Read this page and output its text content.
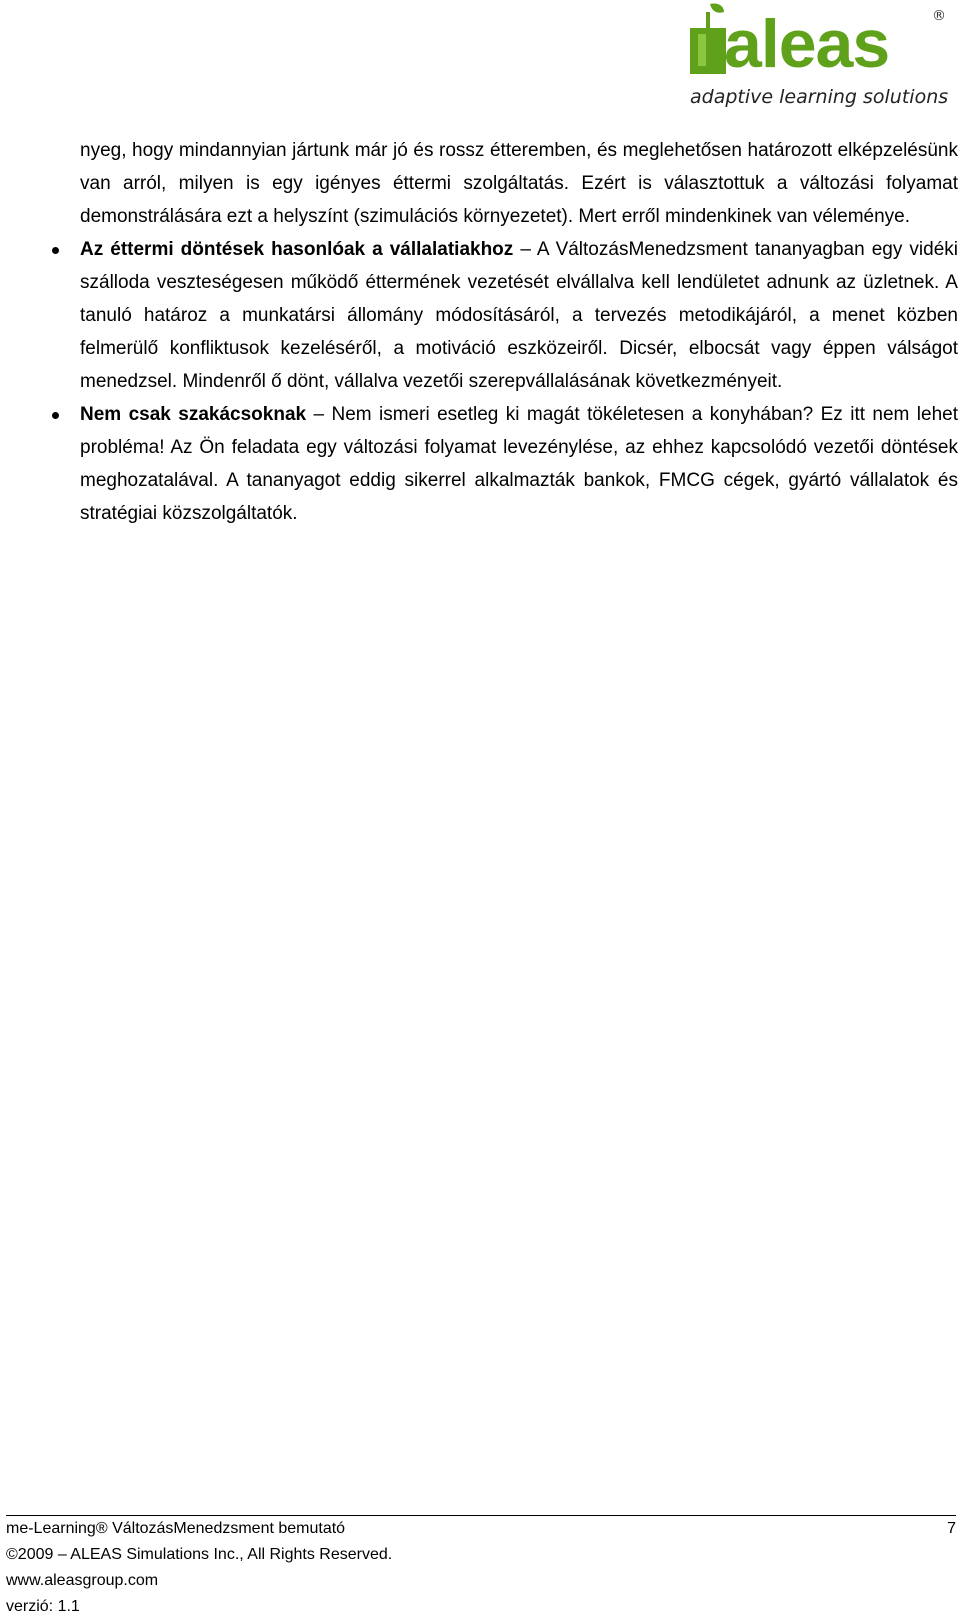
aleas	®
adaptive learning solutions

nyeg, hogy mindannyian jártunk már jó és rossz étteremben, és meglehetősen határozott elképzelésünk van arról, milyen is egy igényes éttermi szolgáltatás. Ezért is választottuk a változási folyamat demonstrálására ezt a helyszínt (szimulációs környezetet). Mert erről mindenkinek van véleménye.

Az éttermi döntések hasonlóak a vállalatiakhoz – A VáltozásMenedzsment tananyagban egy vidéki szálloda veszteségesen működő éttermének vezetését elvállalva kell lendületet adnunk az üzletnek. A tanuló határoz a munkatársi állomány módosításáról, a tervezés metodikájáról, a menet közben felmerülő konfliktusok kezeléséről, a motiváció eszközeiről. Dicsér, elbocsát vagy éppen válságot menedzsel. Mindenről ő dönt, vállalva vezetői szerepvállalásának következményeit.

Nem csak szakácsoknak – Nem ismeri esetleg ki magát tökéletesen a konyhában? Ez itt nem lehet probléma! Az Ön feladata egy változási folyamat levezénylése, az ehhez kapcsolódó vezetői döntések meghozatalával. A tananyagot eddig sikerrel alkalmazták bankok, FMCG cégek, gyártó vállalatok és stratégiai közszolgáltatók.

me-Learning® VáltozásMenedzsment bemutató	7
©2009 – ALEAS Simulations Inc., All Rights Reserved.
www.aleasgroup.com
verzió: 1.1
